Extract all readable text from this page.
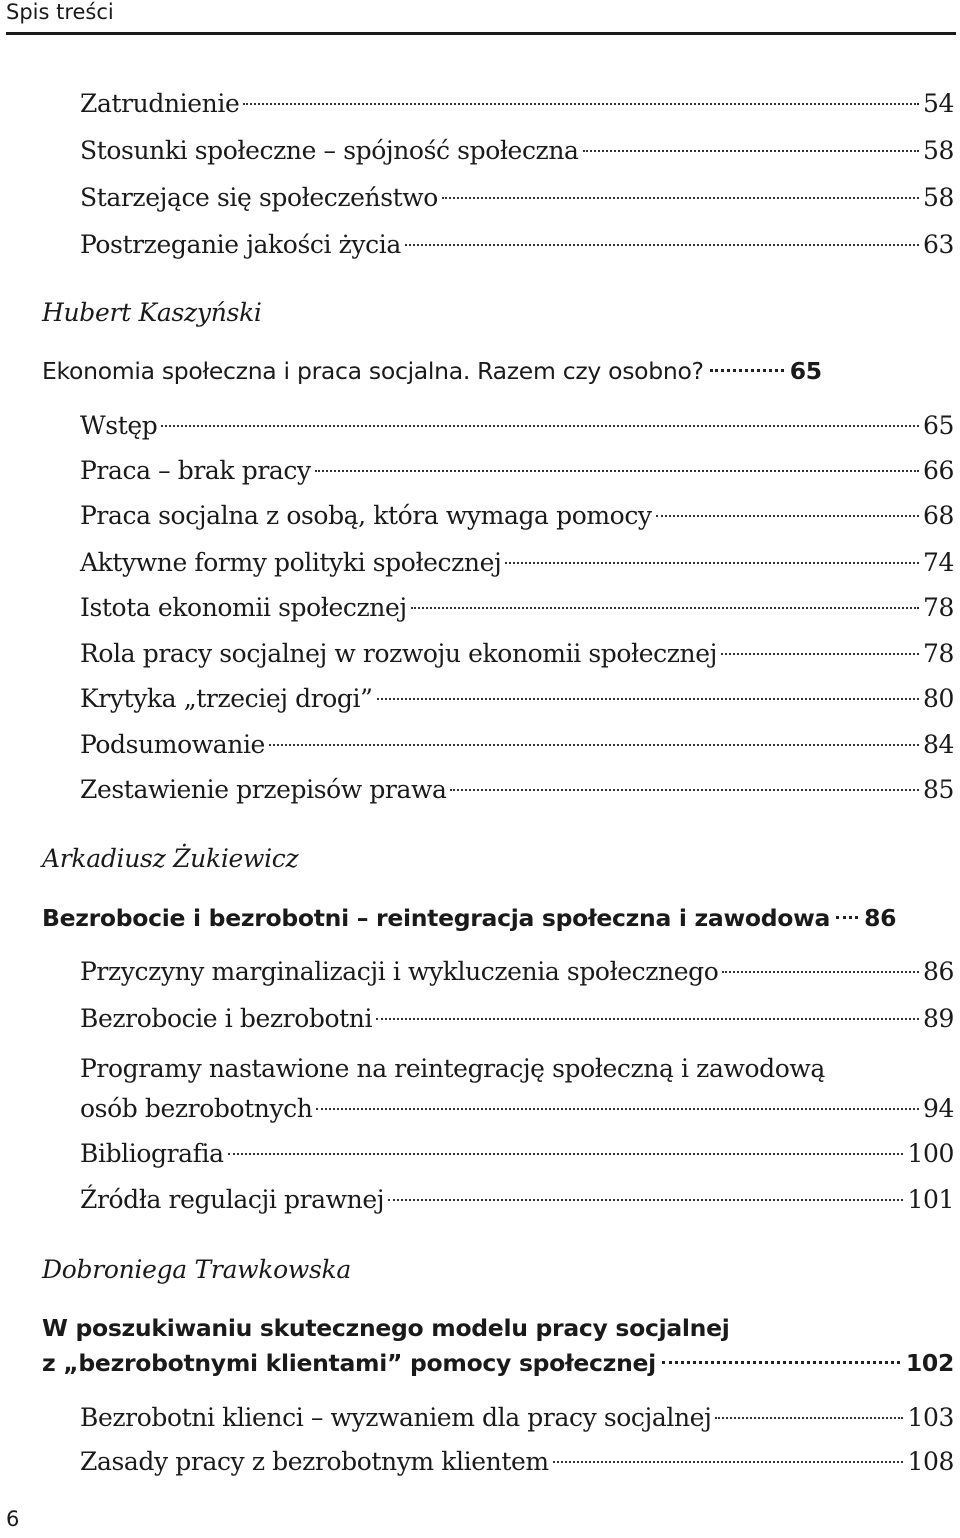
Spis treści
Zatrudnienie	54
Stosunki społeczne – spójność społeczna	58
Starzejące się społeczeństwo	58
Postrzeganie jakości życia	63
Hubert Kaszyński
Ekonomia społeczna i praca socjalna. Razem czy osobno?	65
Wstęp	65
Praca – brak pracy	66
Praca socjalna z osobą, która wymaga pomocy	68
Aktywne formy polityki społecznej	74
Istota ekonomii społecznej	78
Rola pracy socjalnej w rozwoju ekonomii społecznej	78
Krytyka „trzeciej drogi”	80
Podsumowanie	84
Zestawienie przepisów prawa	85
Arkadiusz Żukiewicz
Bezrobocie i bezrobotni – reintegracja społeczna i zawodowa 86
Przyczyny marginalizacji i wykluczenia społecznego	86
Bezrobocie i bezrobotni	89
Programy nastawione na reintegrację społeczną i zawodową
osób bezrobotnych	94
Bibliografia	100
Źródła regulacji prawnej	101
Dobroniega Trawkowska
W poszukiwaniu skutecznego modelu pracy socjalnej
z „bezrobotnymi klientami” pomocy społecznej	102
Bezrobotni klienci – wyzwaniem dla pracy socjalnej	103
Zasady pracy z bezrobotnym klientem	108
6
